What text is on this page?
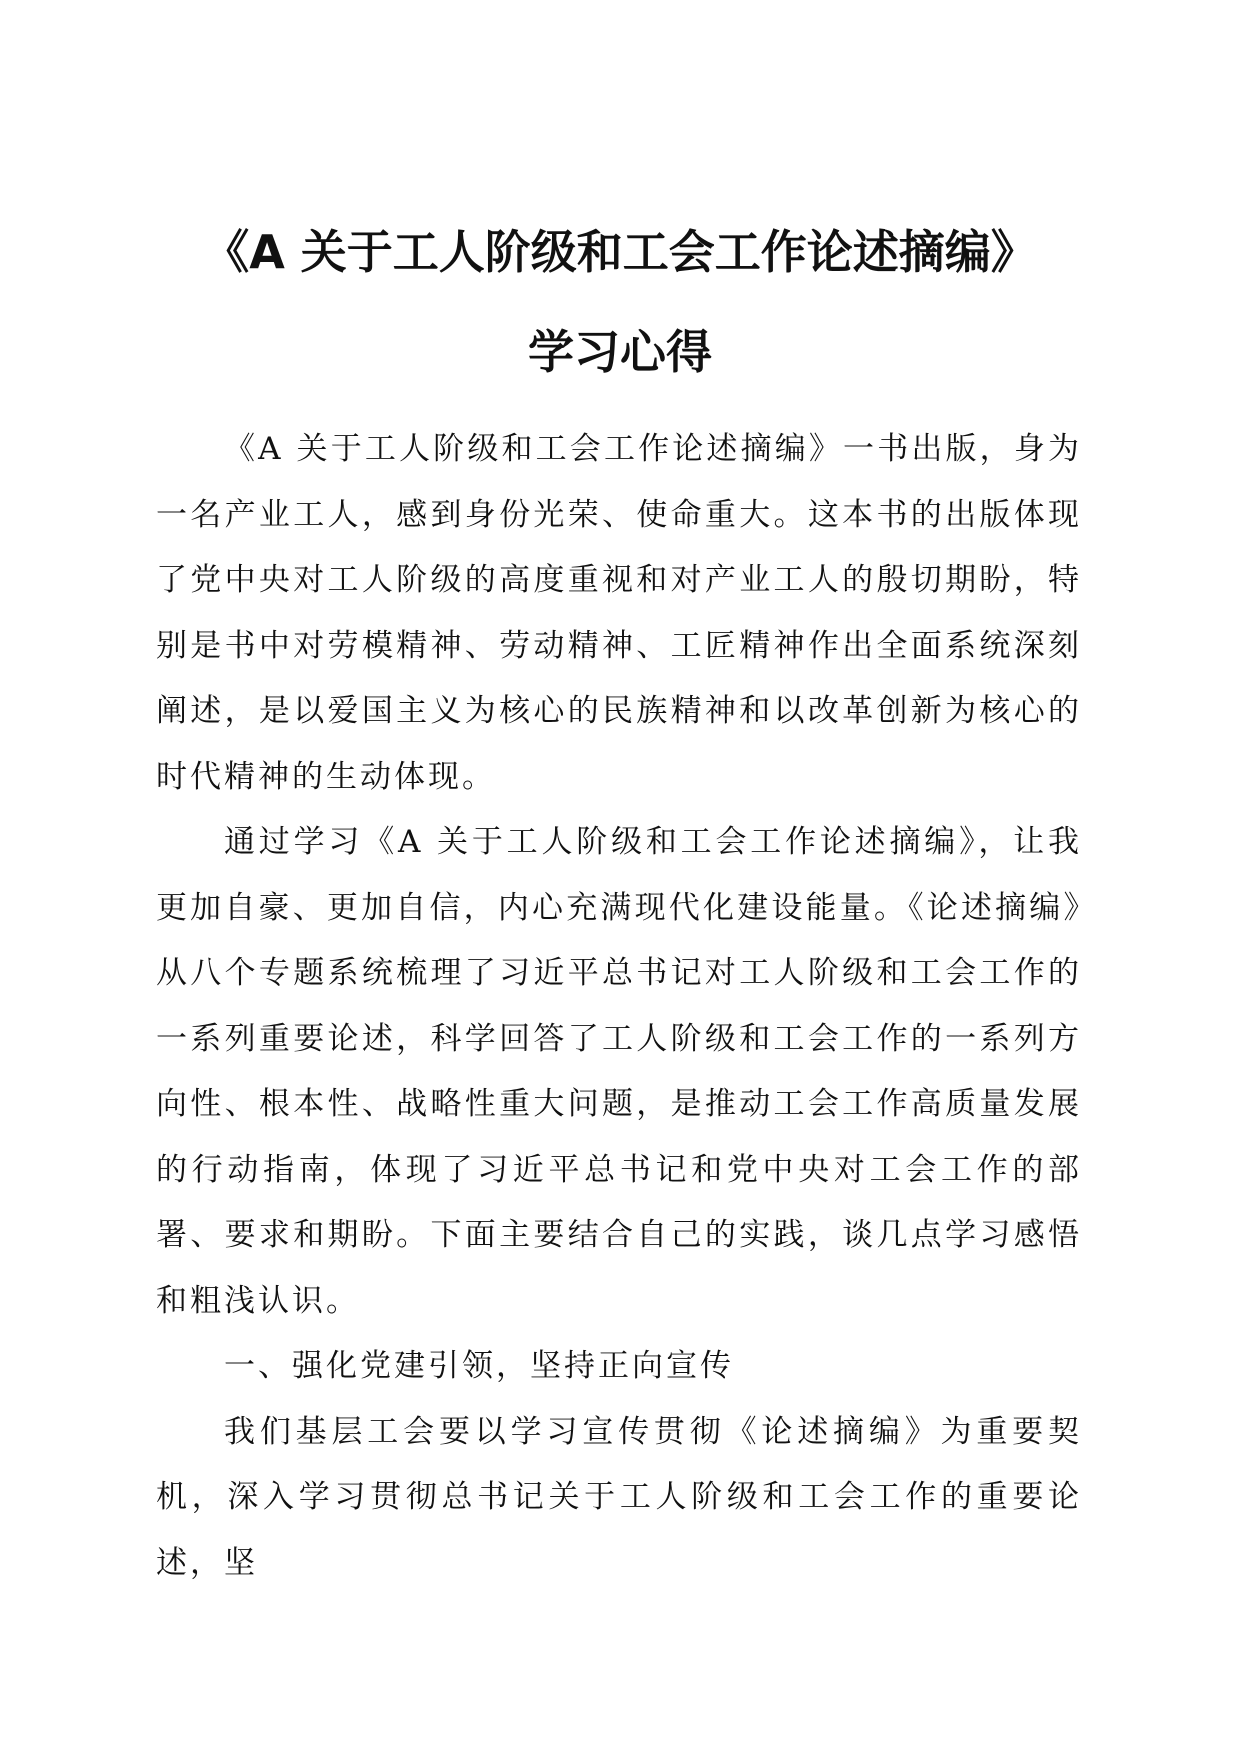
《A 关于工人阶级和工会工作论述摘编》
学习心得

《A 关于工人阶级和工会工作论述摘编》一书出版，身为一名产业工人，感到身份光荣、使命重大。这本书的出版体现了党中央对工人阶级的高度重视和对产业工人的殷切期盼，特别是书中对劳模精神、劳动精神、工匠精神作出全面系统深刻阐述，是以爱国主义为核心的民族精神和以改革创新为核心的时代精神的生动体现。

通过学习《A 关于工人阶级和工会工作论述摘编》，让我更加自豪、更加自信，内心充满现代化建设能量。《论述摘编》从八个专题系统梳理了习近平总书记对工人阶级和工会工作的一系列重要论述，科学回答了工人阶级和工会工作的一系列方向性、根本性、战略性重大问题，是推动工会工作高质量发展的行动指南，体现了习近平总书记和党中央对工会工作的部署、要求和期盼。下面主要结合自己的实践，谈几点学习感悟和粗浅认识。

一、强化党建引领，坚持正向宣传

我们基层工会要以学习宣传贯彻《论述摘编》为重要契机，深入学习贯彻总书记关于工人阶级和工会工作的重要论述，坚
